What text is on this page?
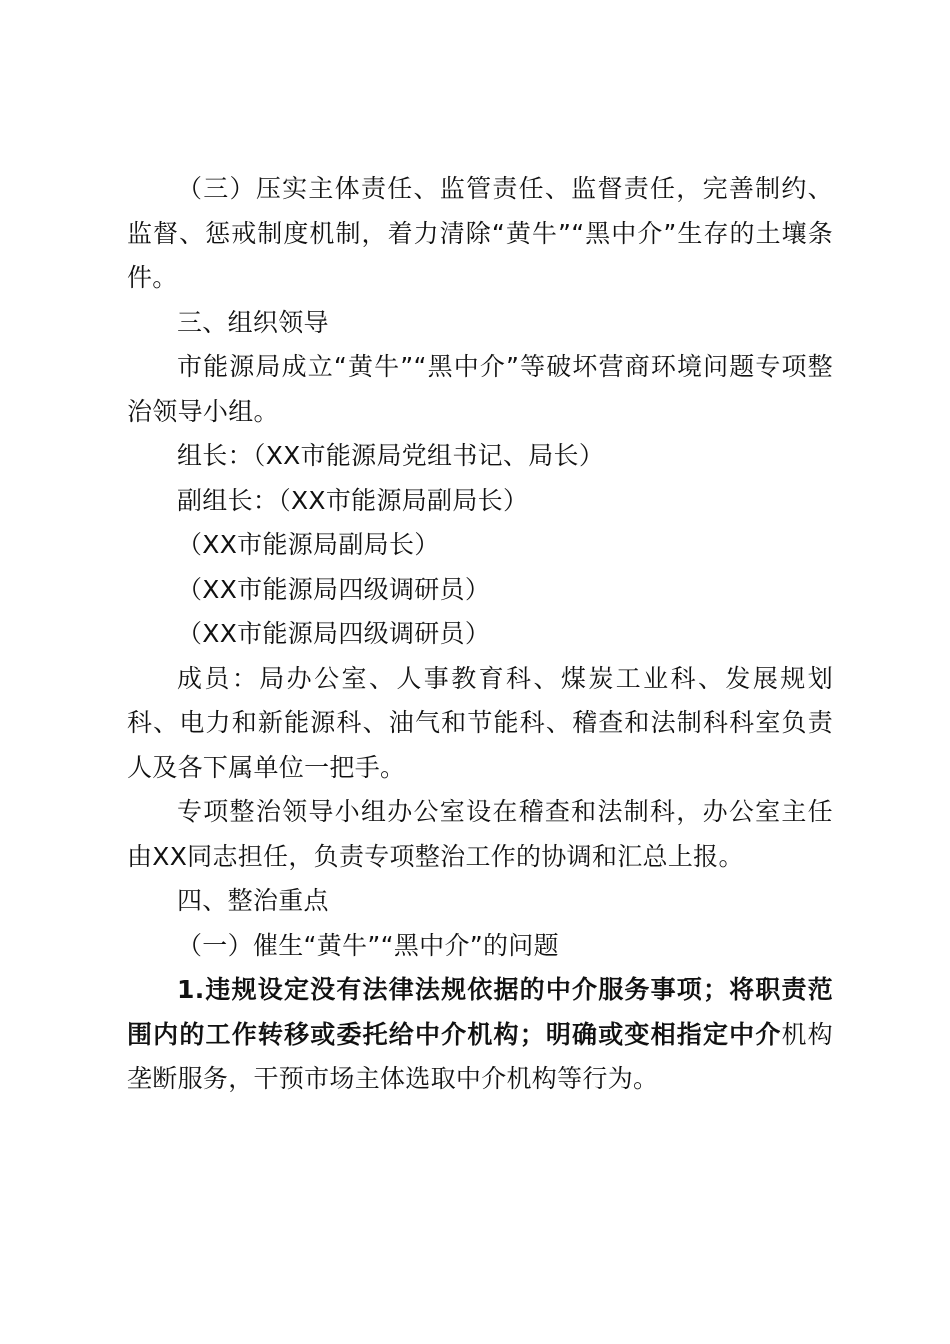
（三）压实主体责任、监管责任、监督责任，完善制约、监督、惩戒制度机制，着力清除“黄牛”“黑中介”生存的土壤条件。

三、组织领导

市能源局成立“黄牛”“黑中介”等破坏营商环境问题专项整治领导小组。

组长：（XX市能源局党组书记、局长）

副组长：（XX市能源局副局长）

（XX市能源局副局长）

（XX市能源局四级调研员）

（XX市能源局四级调研员）

成员：局办公室、人事教育科、煤炭工业科、发展规划科、电力和新能源科、油气和节能科、稽查和法制科科室负责人及各下属单位一把手。

专项整治领导小组办公室设在稽查和法制科，办公室主任由XX同志担任，负责专项整治工作的协调和汇总上报。

四、整治重点

（一）催生“黄牛”“黑中介”的问题

1.违规设定没有法律法规依据的中介服务事项；将职责范围内的工作转移或委托给中介机构；明确或变相指定中介机构垄断服务，干预市场主体选取中介机构等行为。
